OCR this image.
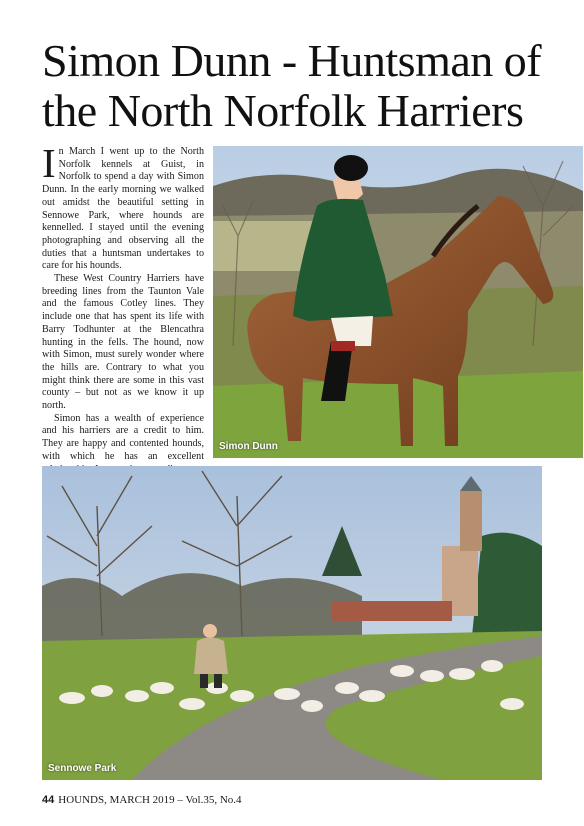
Simon Dunn - Huntsman of the North Norfolk Harriers

In March I went up to the North Norfolk kennels at Guist, in Norfolk to spend a day with Simon Dunn. In the early morning we walked out amidst the beautiful setting in Sennowe Park, where hounds are kennelled. I stayed until the evening photographing and observing all the duties that a huntsman undertakes to care for his hounds.

These West Country Harriers have breeding lines from the Taunton Vale and the famous Cotley lines. They include one that has spent its life with Barry Todhunter at the Blencathra hunting in the fells. The hound, now with Simon, must surely wonder where the hills are. Contrary to what you might think there are some in this vast county – but not as we know it up north.

Simon has a wealth of experience and his harriers are a credit to him. They are happy and contented hounds, with which he has an excellent

Simon Dunn
Sennowe Park
44 HOUNDS, MARCH 2019 – Vol.35, No.4
